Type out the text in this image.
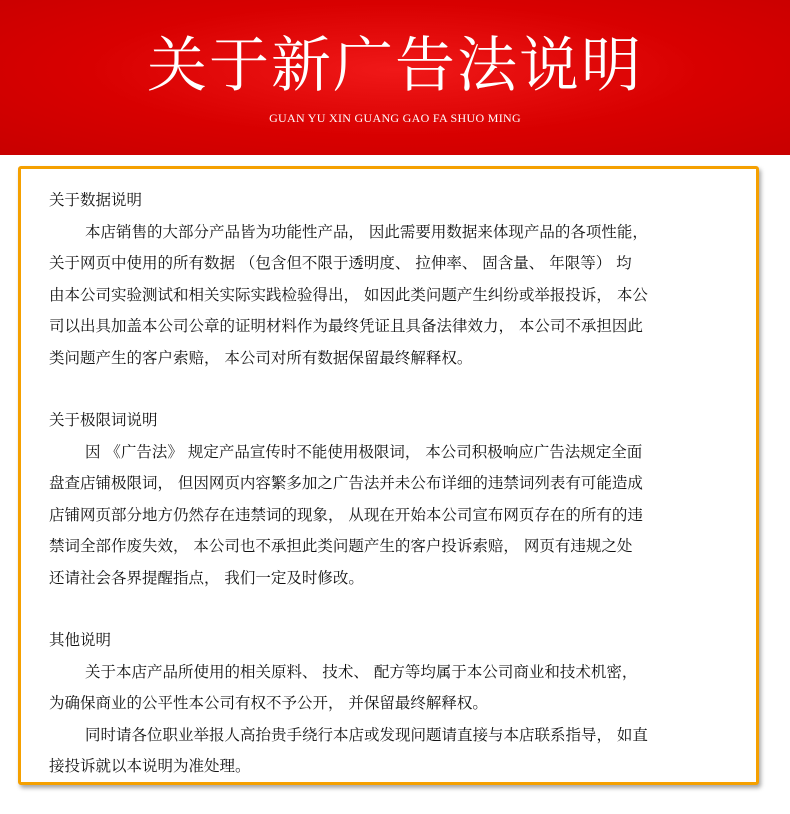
关于新广告法说明
GUAN YU XIN GUANG GAO FA SHUO MING
关于数据说明
本店销售的大部分产品皆为功能性产品， 因此需要用数据来体现产品的各项性能，
关于网页中使用的所有数据 （包含但不限于透明度、 拉伸率、 固含量、 年限等） 均
由本公司实验测试和相关实际实践检验得出， 如因此类问题产生纠纷或举报投诉， 本公
司以出具加盖本公司公章的证明材料作为最终凭证且具备法律效力， 本公司不承担因此
类问题产生的客户索赔， 本公司对所有数据保留最终解释权。
关于极限词说明
因 《广告法》 规定产品宣传时不能使用极限词， 本公司积极响应广告法规定全面
盘查店铺极限词， 但因网页内容繁多加之广告法并未公布详细的违禁词列表有可能造成
店铺网页部分地方仍然存在违禁词的现象， 从现在开始本公司宣布网页存在的所有的违
禁词全部作废失效， 本公司也不承担此类问题产生的客户投诉索赔， 网页有违规之处
还请社会各界提醒指点， 我们一定及时修改。
其他说明
关于本店产品所使用的相关原料、 技术、 配方等均属于本公司商业和技术机密，
为确保商业的公平性本公司有权不予公开， 并保留最终解释权。
同时请各位职业举报人高抬贵手绕行本店或发现问题请直接与本店联系指导， 如直
接投诉就以本说明为准处理。
